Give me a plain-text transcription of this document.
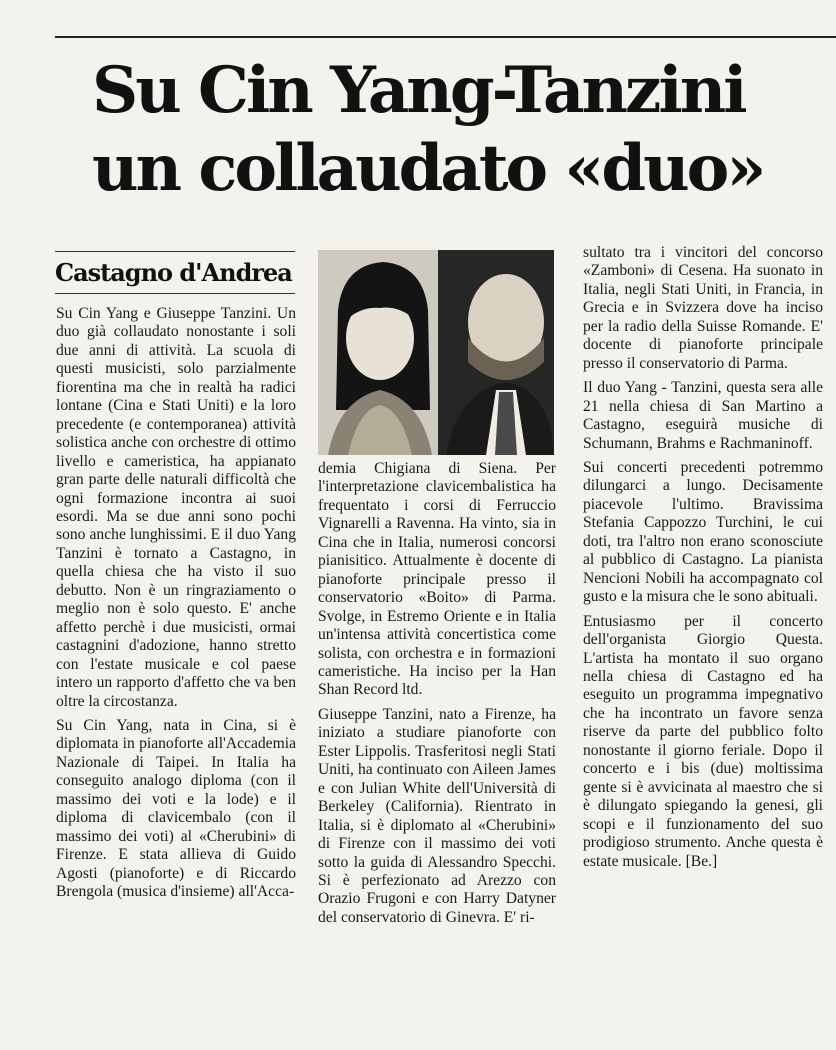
Su Cin Yang-Tanzini
un collaudato «duo»
Castagno d'Andrea

Su Cin Yang e Giuseppe Tanzini. Un duo già collaudato nonostante i soli due anni di attività. La scuola di questi musicisti, solo parzialmente fiorentina ma che in realtà ha radici lontane (Cina e Stati Uniti) e la loro precedente (e contemporanea) attività solistica anche con orchestre di ottimo livello e cameristica, ha appianato gran parte delle naturali difficoltà che ogni formazione incontra ai suoi esordi. Ma se due anni sono pochi sono anche lunghissimi. E il duo Yang Tanzini è tornato a Castagno, in quella chiesa che ha visto il suo debutto. Non è un ringraziamento o meglio non è solo questo. E' anche affetto perchè i due musicisti, ormai castagnini d'adozione, hanno stretto con l'estate musicale e col paese intero un rapporto d'affetto che va ben oltre la circostanza.

Su Cin Yang, nata in Cina, si è diplomata in pianoforte all'Accademia Nazionale di Taipei. In Italia ha conseguito analogo diploma (con il massimo dei voti e la lode) e il diploma di clavicembalo (con il massimo dei voti) al «Cherubini» di Firenze. E stata allieva di Guido Agosti (pianoforte) e di Riccardo Brengola (musica d'insieme) all'Acca-

demia Chigiana di Siena. Per l'interpretazione clavicembalistica ha frequentato i corsi di Ferruccio Vignarelli a Ravenna. Ha vinto, sia in Cina che in Italia, numerosi concorsi pianisitico. Attualmente è docente di pianoforte principale presso il conservatorio «Boito» di Parma. Svolge, in Estremo Oriente e in Italia un'intensa attività concertistica come solista, con orchestra e in formazioni cameristiche. Ha inciso per la Han Shan Record ltd.

Giuseppe Tanzini, nato a Firenze, ha iniziato a studiare pianoforte con Ester Lippolis. Trasferitosi negli Stati Uniti, ha continuato con Aileen James e con Julian White dell'Università di Berkeley (California). Rientrato in Italia, si è diplomato al «Cherubini» di Firenze con il massimo dei voti sotto la guida di Alessandro Specchi. Si è perfezionato ad Arezzo con Orazio Frugoni e con Harry Datyner del conservatorio di Ginevra. E' ri-

sultato tra i vincitori del concorso «Zamboni» di Cesena. Ha suonato in Italia, negli Stati Uniti, in Francia, in Grecia e in Svizzera dove ha inciso per la radio della Suisse Romande. E' docente di pianoforte principale presso il conservatorio di Parma.

Il duo Yang - Tanzini, questa sera alle 21 nella chiesa di San Martino a Castagno, eseguirà musiche di Schumann, Brahms e Rachmaninoff.

Sui concerti precedenti potremmo dilungarci a lungo. Decisamente piacevole l'ultimo. Bravissima Stefania Cappozzo Turchini, le cui doti, tra l'altro non erano sconosciute al pubblico di Castagno. La pianista Nencioni Nobili ha accompagnato col gusto e la misura che le sono abituali.

Entusiasmo per il concerto dell'organista Giorgio Questa. L'artista ha montato il suo organo nella chiesa di Castagno ed ha eseguito un programma impegnativo che ha incontrato un favore senza riserve da parte del pubblico folto nonostante il giorno feriale. Dopo il concerto e i bis (due) moltissima gente si è avvicinata al maestro che si è dilungato spiegando la genesi, gli scopi e il funzionamento del suo prodigioso strumento. Anche questa è estate musicale. [Be.]
